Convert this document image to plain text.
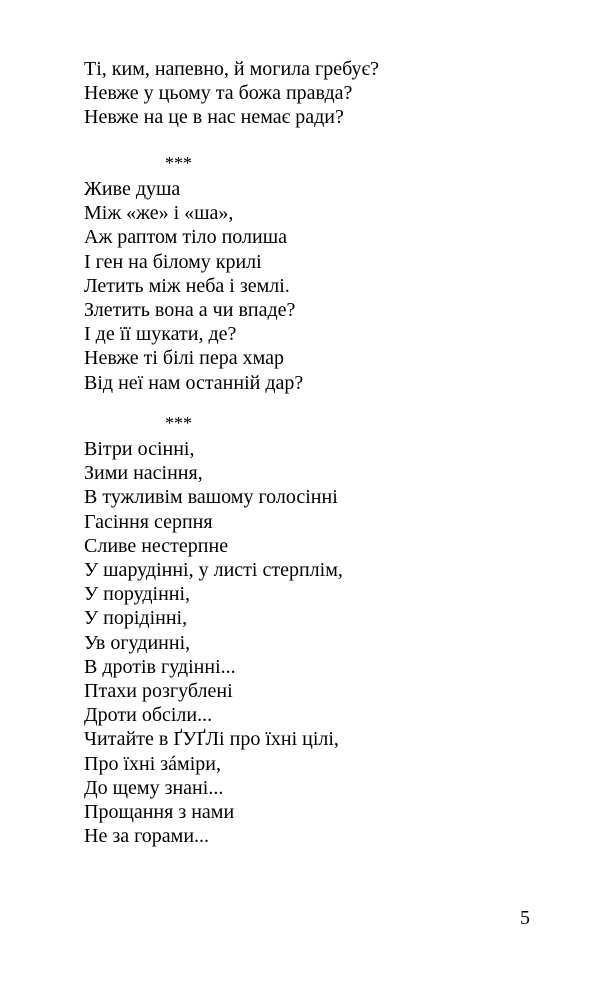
Ті, ким, напевно, й могила гребує?
Невже у цьому та божа правда?
Невже на це в нас немає ради?
***
Живе душа
Між «же» і «ша»,
Аж раптом тіло полиша
І ген на білому крилі
Летить між неба і землі.
Злетить вона а чи впаде?
І де її шукати, де?
Невже ті білі пера хмар
Від неї нам останній дар?
***
Вітри осінні,
Зими насіння,
В тужливім вашому голосінні
Гасіння серпня
Сливе нестерпне
У шарудінні, у листі стерплім,
У порудінні,
У порідінні,
Ув огудинні,
В дротів гудінні...
Птахи розгублені
Дроти обсіли...
Читайте в ҐУҐЛі про їхні цілі,
Про їхні зáміри,
До щему знані...
Прощання з нами
Не за горами...
5
